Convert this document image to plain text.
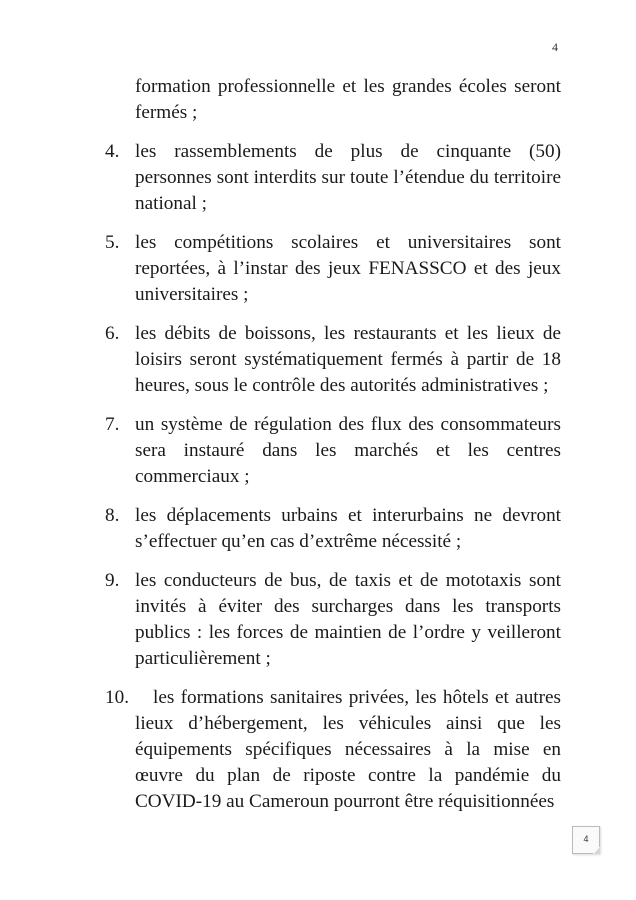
4

formation professionnelle et les grandes écoles seront fermés ;

4. les rassemblements de plus de cinquante (50) personnes sont interdits sur toute l’étendue du territoire national ;
5. les compétitions scolaires et universitaires sont reportées, à l’instar des jeux FENASSCO et des jeux universitaires ;
6. les débits de boissons, les restaurants et les lieux de loisirs seront systématiquement fermés à partir de 18 heures, sous le contrôle des autorités administratives ;
7. un système de régulation des flux des consommateurs sera instauré dans les marchés et les centres commerciaux ;
8. les déplacements urbains et interurbains ne devront s’effectuer qu’en cas d’extrême nécessité ;
9. les conducteurs de bus, de taxis et de mototaxis sont invités à éviter des surcharges dans les transports publics : les forces de maintien de l’ordre y veilleront particulièrement ;
10.	les formations sanitaires privées, les hôtels et autres lieux d’hébergement, les véhicules ainsi que les équipements spécifiques nécessaires à la mise en œuvre du plan de riposte contre la pandémie du COVID-19 au Cameroun pourront être réquisitionnées
4
